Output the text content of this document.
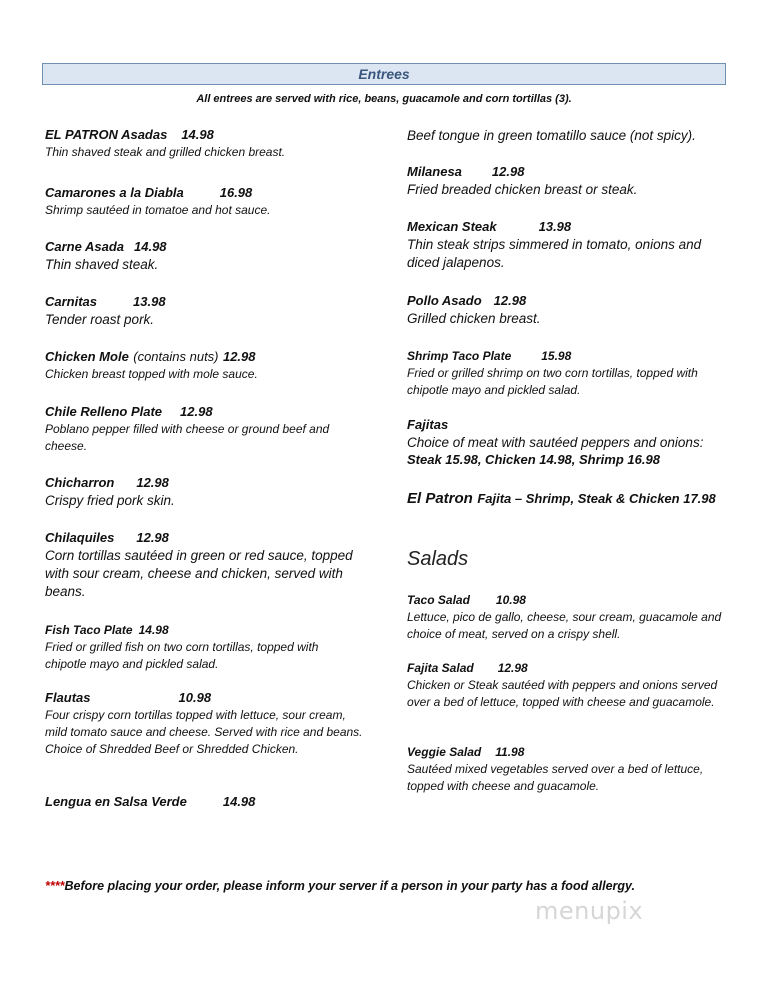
Entrees
All entrees are served with rice, beans, guacamole and corn tortillas (3).
EL PATRON Asadas 14.98
Thin shaved steak and grilled chicken breast.
Camarones a la Diabla	16.98
Shrimp sautéed in tomatoe and hot sauce.
Carne Asada 14.98
Thin shaved steak.
Carnitas	13.98
Tender roast pork.
Chicken Mole (contains nuts) 12.98
Chicken breast topped with mole sauce.
Chile Relleno Plate 12.98
Poblano pepper filled with cheese or ground beef and cheese.
Chicharron 12.98
Crispy fried pork skin.
Chilaquiles 12.98
Corn tortillas sautéed in green or red sauce, topped with sour cream, cheese and chicken, served with beans.
Fish Taco Plate 14.98
Fried or grilled fish on two corn tortillas, topped with chipotle mayo and pickled salad.
Flautas	10.98
Four crispy corn tortillas topped with lettuce, sour cream, mild tomato sauce and cheese. Served with rice and beans. Choice of Shredded Beef or Shredded Chicken.
Lengua en Salsa Verde	14.98
Beef tongue in green tomatillo sauce (not spicy).
Milanesa 12.98
Fried breaded chicken breast or steak.
Mexican Steak	13.98
Thin steak strips simmered in tomato, onions and diced jalapenos.
Pollo Asado 12.98
Grilled chicken breast.
Shrimp Taco Plate	15.98
Fried or grilled shrimp on two corn tortillas, topped with chipotle mayo and pickled salad.
Fajitas
Choice of meat with sautéed peppers and onions:
Steak 15.98, Chicken 14.98, Shrimp 16.98
El Patron Fajita – Shrimp, Steak & Chicken 17.98
Salads
Taco Salad 10.98
Lettuce, pico de gallo, cheese, sour cream, guacamole and choice of meat, served on a crispy shell.
Fajita Salad 12.98
Chicken or Steak sautéed with peppers and onions served over a bed of lettuce, topped with cheese and guacamole.
Veggie Salad 11.98
Sautéed mixed vegetables served over a bed of lettuce, topped with cheese and guacamole.
****Before placing your order, please inform your server if a person in your party has a food allergy.
menupix
